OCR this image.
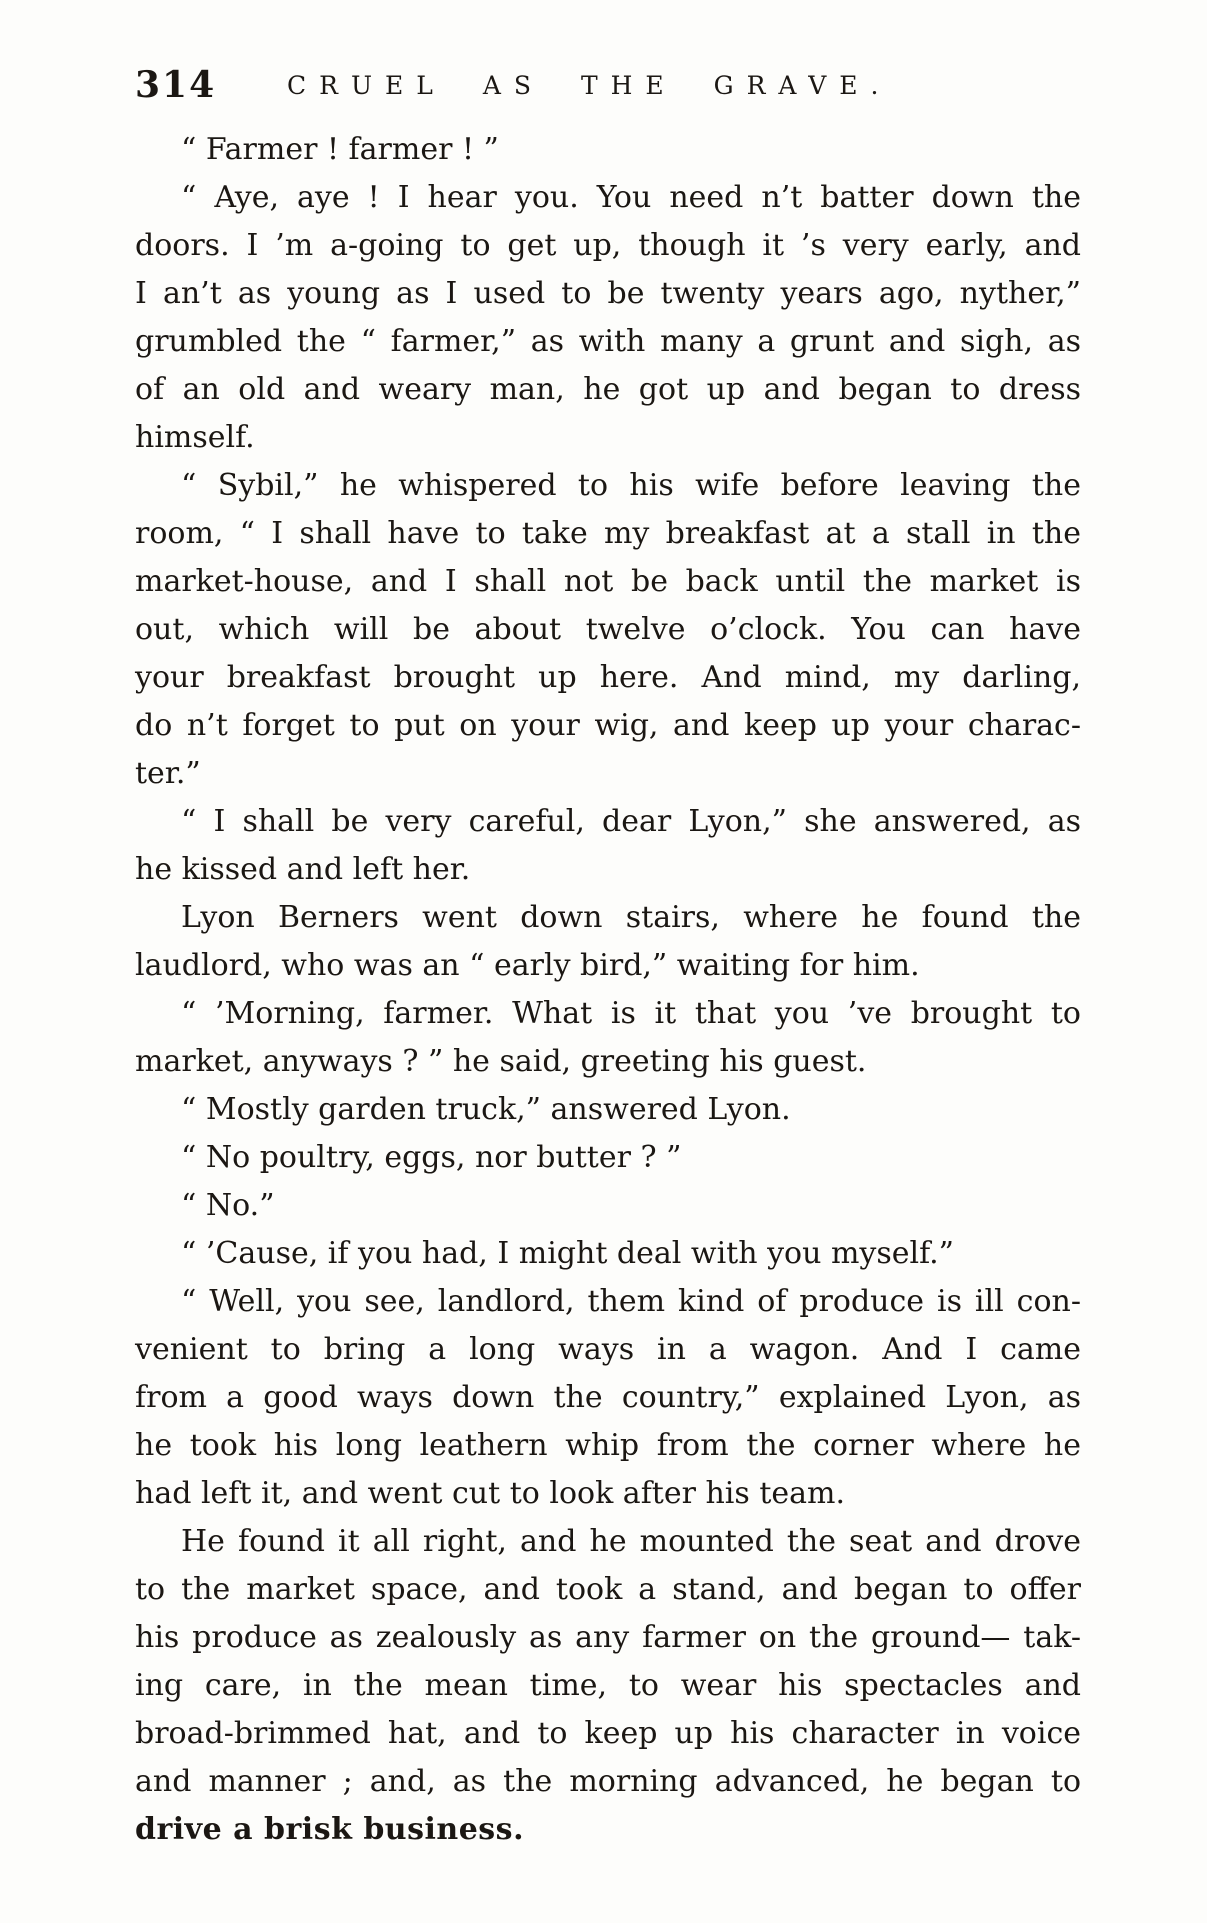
314	CRUEL AS THE GRAVE.
“ Farmer ! farmer ! ”
“ Aye, aye ! I hear you. You need n’t batter down the
doors. I ’m a-going to get up, though it ’s very early, and
I an’t as young as I used to be twenty years ago, nyther,”
grumbled the “ farmer,” as with many a grunt and sigh, as
of an old and weary man, he got up and began to dress
himself.
“ Sybil,” he whispered to his wife before leaving the
room, “ I shall have to take my breakfast at a stall in the
market-house, and I shall not be back until the market is
out, which will be about twelve o’clock. You can have
your breakfast brought up here. And mind, my darling,
do n’t forget to put on your wig, and keep up your charac-
ter.”
“ I shall be very careful, dear Lyon,” she answered, as
he kissed and left her.
Lyon Berners went down stairs, where he found the
laudlord, who was an “ early bird,” waiting for him.
“ ’Morning, farmer. What is it that you ’ve brought to
market, anyways ? ” he said, greeting his guest.
“ Mostly garden truck,” answered Lyon.
“ No poultry, eggs, nor butter ? ”
“ No.”
“ ’Cause, if you had, I might deal with you myself.”
“ Well, you see, landlord, them kind of produce is ill con-
venient to bring a long ways in a wagon. And I came
from a good ways down the country,” explained Lyon, as
he took his long leathern whip from the corner where he
had left it, and went cut to look after his team.
He found it all right, and he mounted the seat and drove
to the market space, and took a stand, and began to offer
his produce as zealously as any farmer on the ground— tak-
ing care, in the mean time, to wear his spectacles and
broad-brimmed hat, and to keep up his character in voice
and manner ; and, as the morning advanced, he began to
drive a brisk business.
